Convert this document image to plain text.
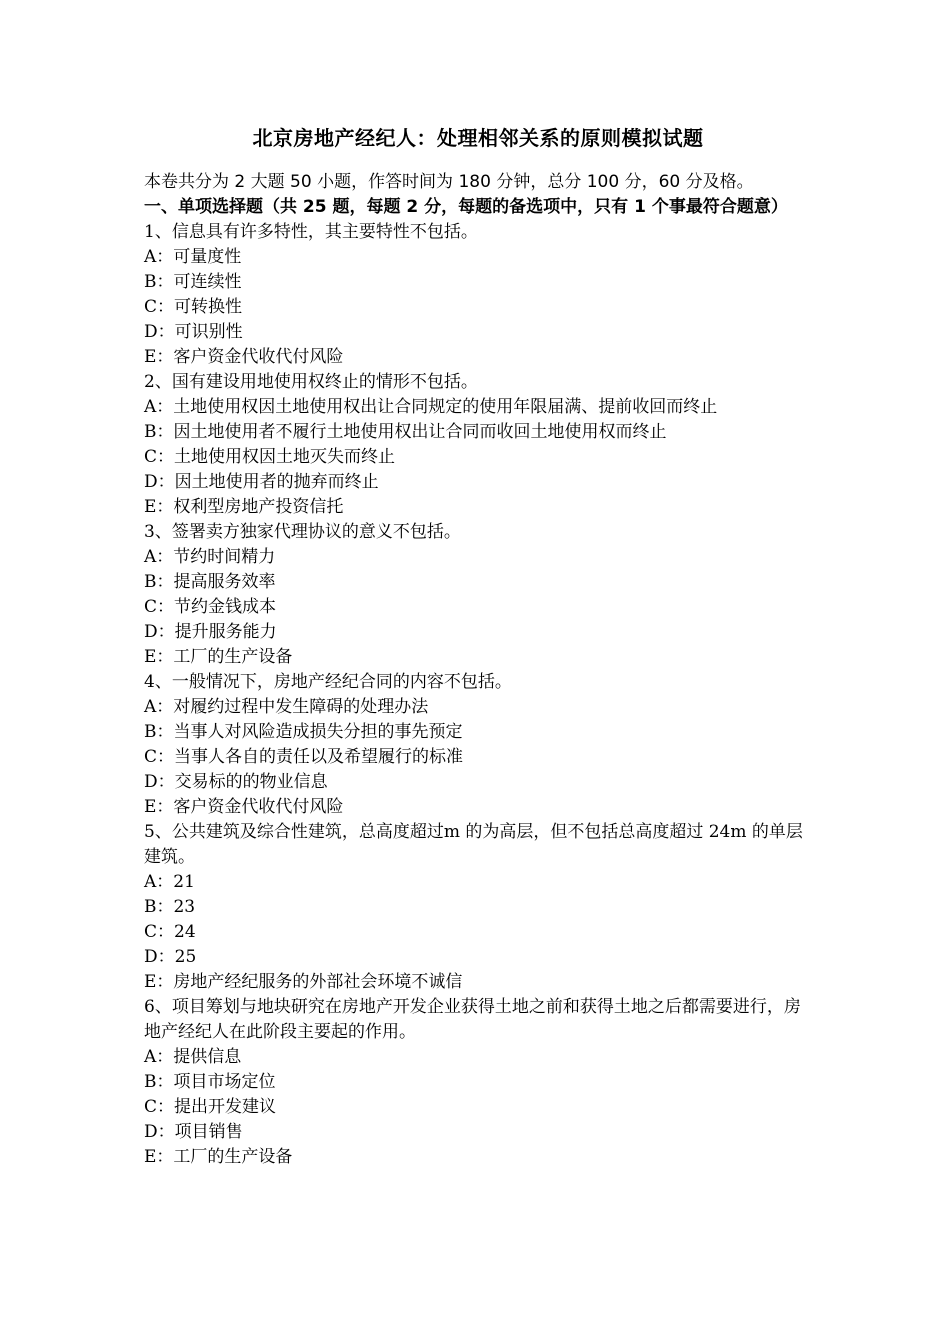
北京房地产经纪人：处理相邻关系的原则模拟试题

本卷共分为 2 大题 50 小题，作答时间为 180 分钟，总分 100 分，60 分及格。

一、单项选择题（共 25 题，每题 2 分，每题的备选项中，只有 1 个事最符合题意）

1、信息具有许多特性，其主要特性不包括。

A：可量度性

B：可连续性

C：可转换性

D：可识别性

E：客户资金代收代付风险

2、国有建设用地使用权终止的情形不包括。

A：土地使用权因土地使用权出让合同规定的使用年限届满、提前收回而终止

B：因土地使用者不履行土地使用权出让合同而收回土地使用权而终止

C：土地使用权因土地灭失而终止

D：因土地使用者的抛弃而终止

E：权利型房地产投资信托

3、签署卖方独家代理协议的意义不包括。

A：节约时间精力

B：提高服务效率

C：节约金钱成本

D：提升服务能力

E：工厂的生产设备

4、一般情况下，房地产经纪合同的内容不包括。

A：对履约过程中发生障碍的处理办法

B：当事人对风险造成损失分担的事先预定

C：当事人各自的责任以及希望履行的标准

D：交易标的的物业信息

E：客户资金代收代付风险

5、公共建筑及综合性建筑，总高度超过m 的为高层，但不包括总高度超过 24m 的单层建筑。

A：21

B：23

C：24

D：25

E：房地产经纪服务的外部社会环境不诚信

6、项目筹划与地块研究在房地产开发企业获得土地之前和获得土地之后都需要进行，房地产经纪人在此阶段主要起的作用。

A：提供信息

B：项目市场定位

C：提出开发建议

D：项目销售

E：工厂的生产设备
